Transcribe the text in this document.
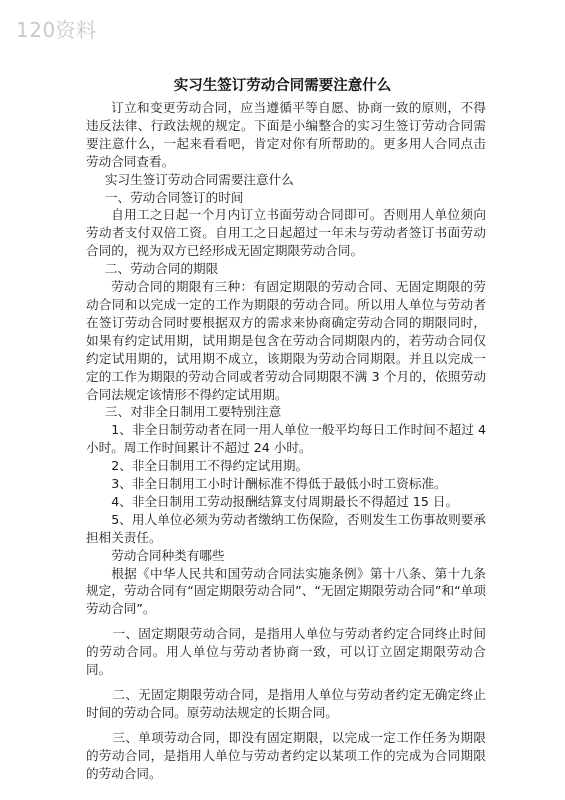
120资料
实习生签订劳动合同需要注意什么

订立和变更劳动合同，应当遵循平等自愿、协商一致的原则，不得违反法律、行政法规的规定。下面是小编整合的实习生签订劳动合同需要注意什么，一起来看看吧，肯定对你有所帮助的。更多用人合同点击劳动合同查看。

实习生签订劳动合同需要注意什么

一、劳动合同签订的时间

自用工之日起一个月内订立书面劳动合同即可。否则用人单位须向劳动者支付双倍工资。自用工之日起超过一年未与劳动者签订书面劳动合同的，视为双方已经形成无固定期限劳动合同。

二、劳动合同的期限

劳动合同的期限有三种：有固定期限的劳动合同、无固定期限的劳动合同和以完成一定的工作为期限的劳动合同。所以用人单位与劳动者在签订劳动合同时要根据双方的需求来协商确定劳动合同的期限同时，如果有约定试用期，试用期是包含在劳动合同期限内的，若劳动合同仅约定试用期的，试用期不成立，该期限为劳动合同期限。并且以完成一定的工作为期限的劳动合同或者劳动合同期限不满 3 个月的，依照劳动合同法规定该情形不得约定试用期。

三、对非全日制用工要特别注意

1、非全日制劳动者在同一用人单位一般平均每日工作时间不超过 4 小时。周工作时间累计不超过 24 小时。

2、非全日制用工不得约定试用期。

3、非全日制用工小时计酬标准不得低于最低小时工资标准。

4、非全日制用工劳动报酬结算支付周期最长不得超过 15 日。

5、用人单位必须为劳动者缴纳工伤保险，否则发生工伤事故则要承担相关责任。

劳动合同种类有哪些

根据《中华人民共和国劳动合同法实施条例》第十八条、第十九条规定，劳动合同有“固定期限劳动合同”、“无固定期限劳动合同”和“单项劳动合同”。

一、固定期限劳动合同，是指用人单位与劳动者约定合同终止时间的劳动合同。用人单位与劳动者协商一致，可以订立固定期限劳动合同。

二、无固定期限劳动合同，是指用人单位与劳动者约定无确定终止时间的劳动合同。原劳动法规定的长期合同。

三、单项劳动合同，即没有固定期限，以完成一定工作任务为期限的劳动合同，是指用人单位与劳动者约定以某项工作的完成为合同期限的劳动合同。
